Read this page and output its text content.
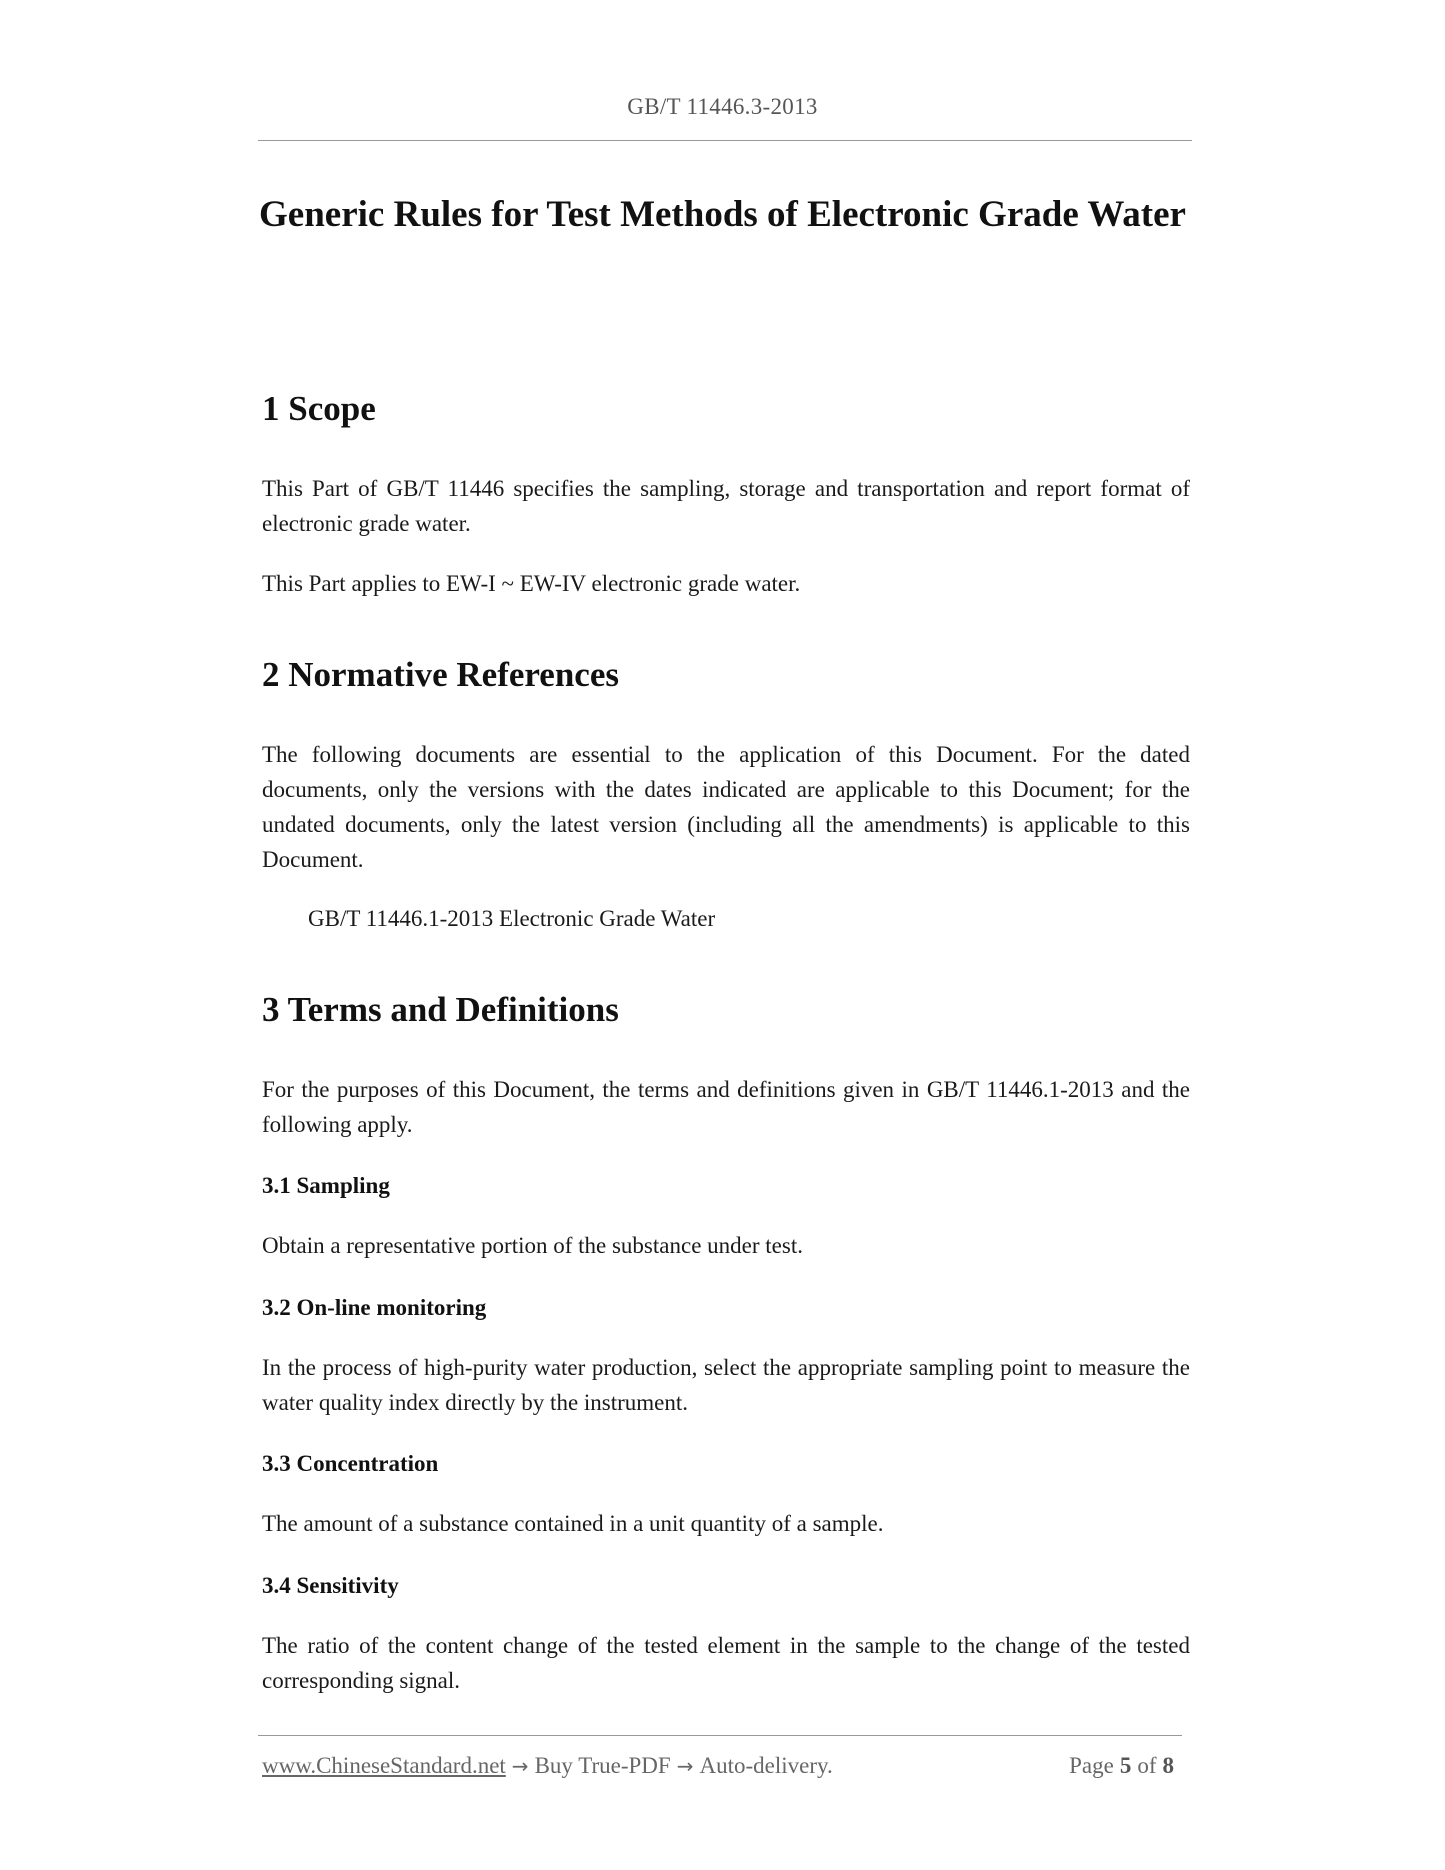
GB/T 11446.3-2013
Generic Rules for Test Methods of Electronic Grade Water
1 Scope

This Part of GB/T 11446 specifies the sampling, storage and transportation and report format of electronic grade water.

This Part applies to EW-I ~ EW-IV electronic grade water.

2 Normative References

The following documents are essential to the application of this Document. For the dated documents, only the versions with the dates indicated are applicable to this Document; for the undated documents, only the latest version (including all the amendments) is applicable to this Document.

GB/T 11446.1-2013 Electronic Grade Water

3 Terms and Definitions

For the purposes of this Document, the terms and definitions given in GB/T 11446.1-2013 and the following apply.

3.1 Sampling

Obtain a representative portion of the substance under test.

3.2 On-line monitoring

In the process of high-purity water production, select the appropriate sampling point to measure the water quality index directly by the instrument.

3.3 Concentration

The amount of a substance contained in a unit quantity of a sample.

3.4 Sensitivity

The ratio of the content change of the tested element in the sample to the change of the tested corresponding signal.

www.ChineseStandard.net → Buy True-PDF → Auto-delivery.	Page 5 of 8
